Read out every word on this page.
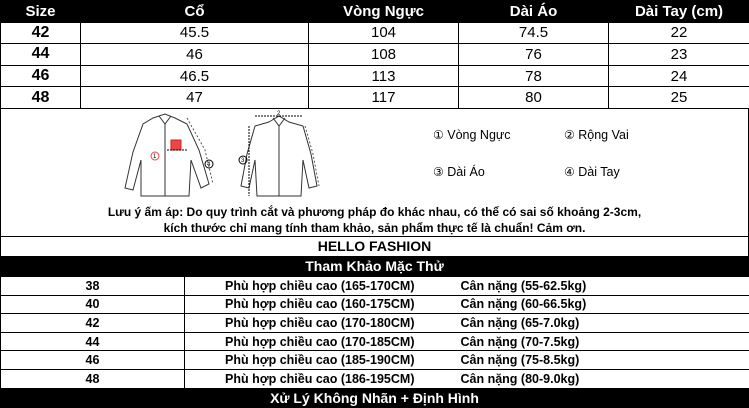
Size	Cổ	Vòng Ngực	Dài Áo	Dài Tay (cm)
42	45.5	104	74.5	22
44	46	108	76	23
46	46.5	113	78	24
48	47	117	80	25
1
4
2
3
① Vòng Ngực	② Rộng Vai
③ Dài Áo	④ Dài Tay
Lưu ý ấm áp: Do quy trình cắt và phương pháp đo khác nhau, có thể có sai số khoảng 2-3cm,
kích thước chỉ mang tính tham khảo, sản phẩm thực tế là chuẩn! Cảm ơn.
HELLO FASHION
Tham Khảo Mặc Thử
38	Phù hợp chiều cao (165-170CM)	Cân nặng (55-62.5kg)
40	Phù hợp chiều cao (160-175CM)	Cân nặng (60-66.5kg)
42	Phù hợp chiều cao (170-180CM)	Cân nặng (65-7.0kg)
44	Phù hợp chiều cao (170-185CM)	Cân nặng (70-7.5kg)
46	Phù hợp chiều cao (185-190CM)	Cân nặng (75-8.5kg)
48	Phù hợp chiều cao (186-195CM)	Cân nặng (80-9.0kg)
Xử Lý Không Nhãn + Định Hình
